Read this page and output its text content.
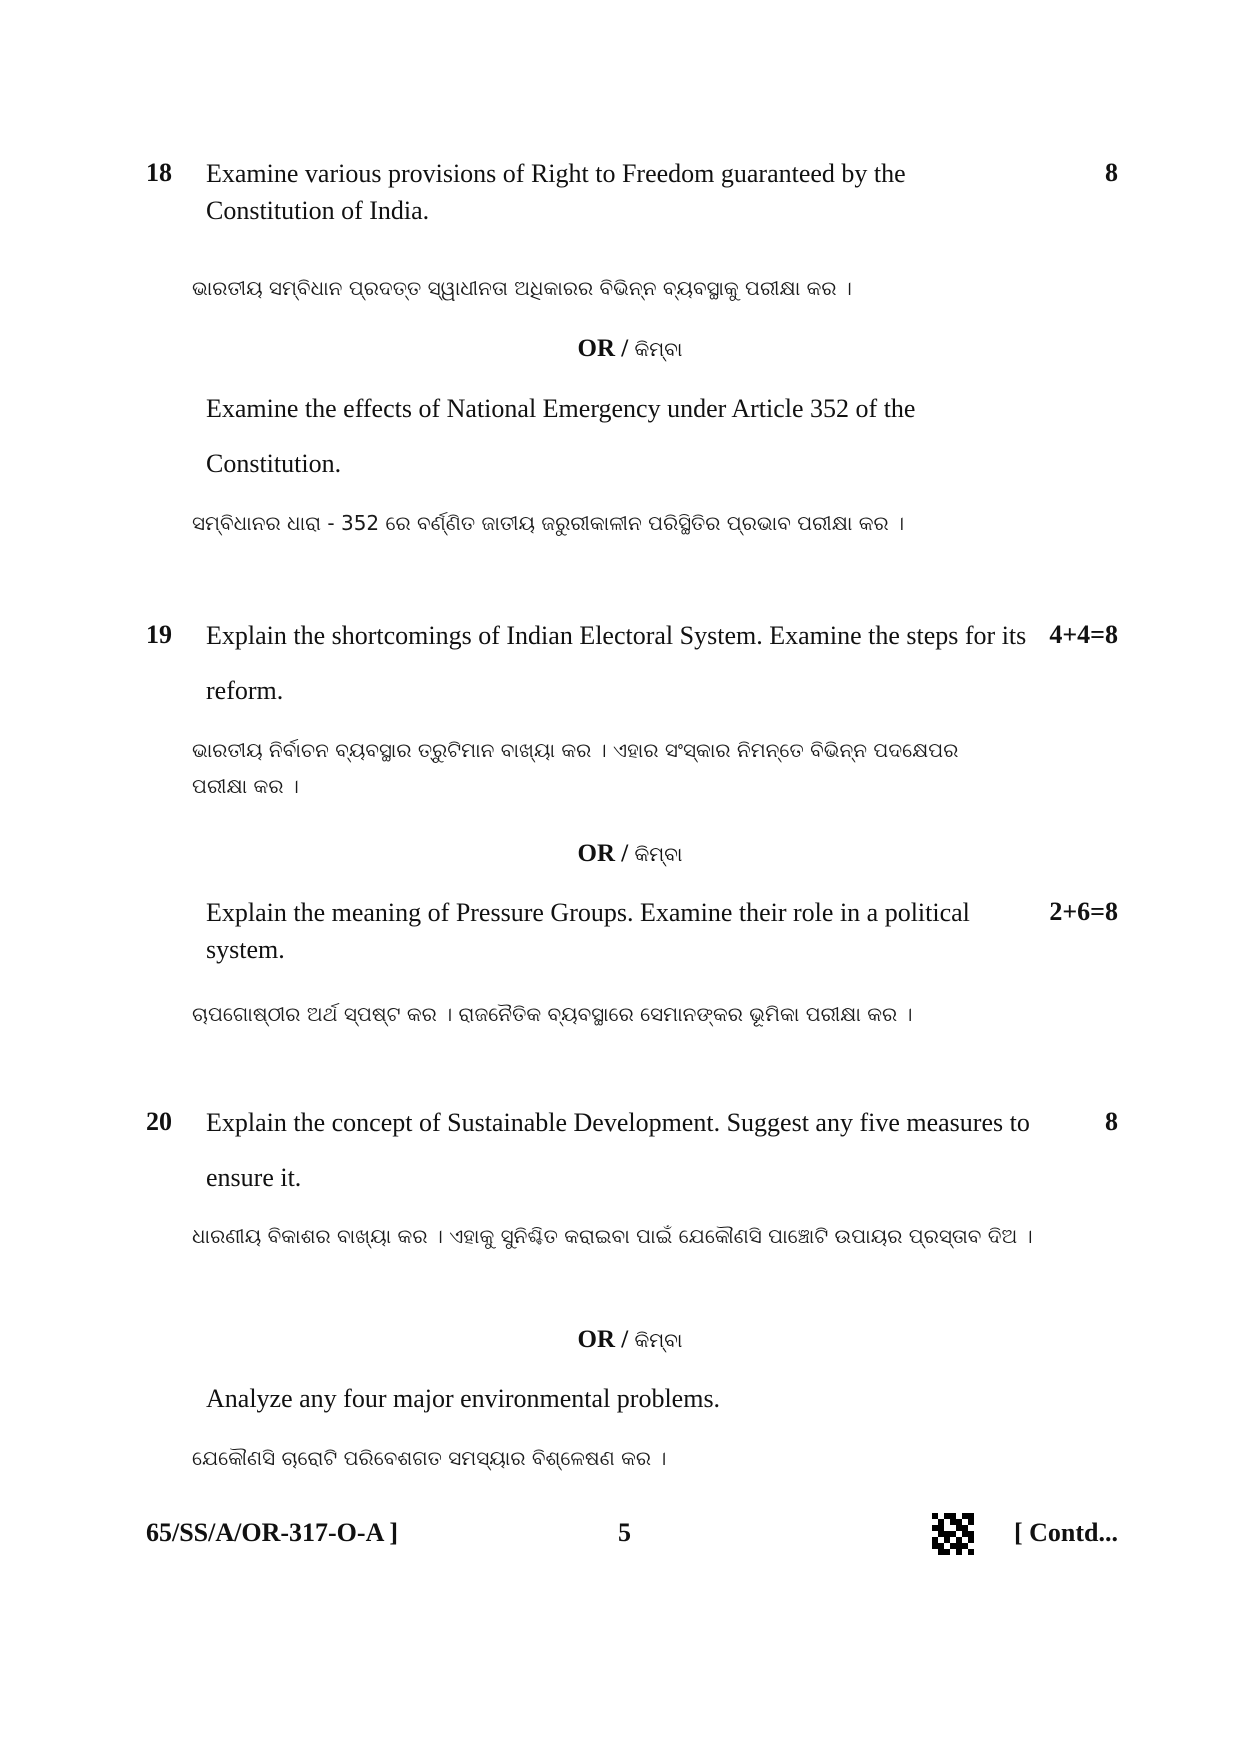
18	8

Examine various provisions of Right to Freedom guaranteed by the Constitution of India.

ଭାରତୀୟ ସମ୍ବିଧାନ ପ୍ରଦତ୍ତ ସ୍ୱାଧୀନତା ଅଧିକାରର ବିଭିନ୍ନ ବ୍ୟବସ୍ଥାକୁ ପରୀକ୍ଷା କର ।

OR / କିମ୍ବା

Examine the effects of National Emergency under Article 352 of the Constitution.

ସମ୍ବିଧାନର ଧାରା - 352 ରେ ବର୍ଣ୍ଣିତ ଜାତୀୟ ଜରୁରୀକାଳୀନ ପରିସ୍ଥିତିର ପ୍ରଭାବ ପରୀକ୍ଷା କର ।

19	4+4=8

Explain the shortcomings of Indian Electoral System. Examine the steps for its reform.

ଭାରତୀୟ ନିର୍ବାଚନ ବ୍ୟବସ୍ଥାର ତ୍ରୁଟିମାନ ବାଖ୍ୟା କର । ଏହାର ସଂସ୍କାର ନିମନ୍ତେ ବିଭିନ୍ନ ପଦକ୍ଷେପର ପରୀକ୍ଷା କର ।

OR / କିମ୍ବା
2+6=8

Explain the meaning of Pressure Groups. Examine their role in a political system.

ଚାପଗୋଷ୍ଠୀର ଅର୍ଥ ସ୍ପଷ୍ଟ କର । ରାଜନୈତିକ ବ୍ୟବସ୍ଥାରେ ସେମାନଙ୍କର ଭୂମିକା ପରୀକ୍ଷା କର ।

20	8

Explain the concept of Sustainable Development. Suggest any five measures to ensure it.

ଧାରଣୀୟ ବିକାଶର ବାଖ୍ୟା କର । ଏହାକୁ ସୁନିଶ୍ଚିତ କରାଇବା ପାଇଁ ଯେକୌଣସି ପାଞ୍ଚୋଟି ଉପାୟର ପ୍ରସ୍ତାବ ଦିଅ ।

OR / କିମ୍ବା

Analyze any four major environmental problems.

ଯେକୌଣସି ଚାରୋଟି ପରିବେଶଗତ ସମସ୍ୟାର ବିଶ୍ଳେଷଣ କର ।

65/SS/A/OR-317-O-A ]	5	[ Contd...
